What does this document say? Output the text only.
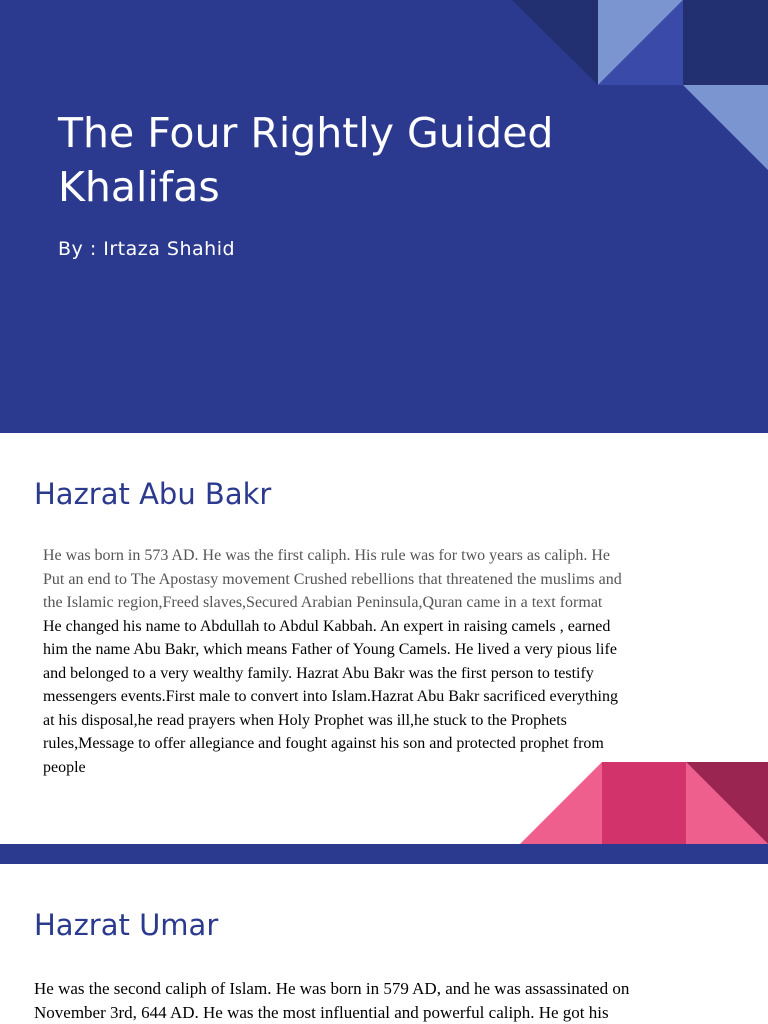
The Four Rightly Guided
Khalifas
By : Irtaza Shahid
Hazrat Abu Bakr
He was born in 573 AD. He was the first caliph. His rule was for two years as caliph. He
Put an end to The Apostasy movement Crushed rebellions that threatened the muslims and
the Islamic region,Freed slaves,Secured Arabian Peninsula,Quran came in a text format
He changed his name to Abdullah to Abdul Kabbah. An expert in raising camels , earned
him the name Abu Bakr, which means Father of Young Camels. He lived a very pious life
and belonged to a very wealthy family. Hazrat Abu Bakr was the first person to testify
messengers events.First male to convert into Islam.Hazrat Abu Bakr sacrificed everything
at his disposal,he read prayers when Holy Prophet was ill,he stuck to the Prophets
rules,Message to offer allegiance and fought against his son and protected prophet from
people
Hazrat Umar
He was the second caliph of Islam. He was born in 579 AD, and he was assassinated on
November 3rd, 644 AD. He was the most influential and powerful caliph. He got his
